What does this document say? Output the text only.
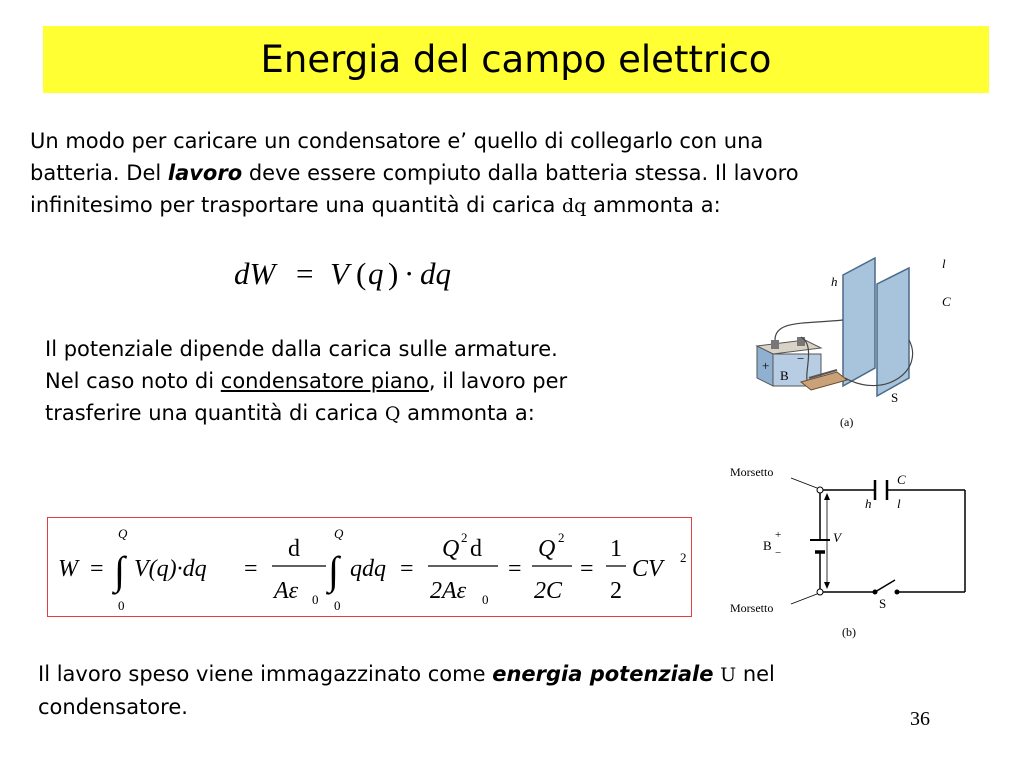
Energia del campo elettrico
Un modo per caricare un condensatore e’ quello di collegarlo con una
batteria. Del lavoro deve essere compiuto dalla batteria stessa. Il lavoro
infinitesimo per trasportare una quantità di carica dq ammonta a:
dW = V ( q ) · dq
Il potenziale dipende dalla carica sulle armature.
Nel caso noto di condensatore piano, il lavoro per
trasferire una quantità di carica Q ammonta a:
h
l
C
+ −
B
S
(a)
Morsetto
Morsetto
C
h l
B
+
−
V
S
(b)
W = ∫
Q
0
V(q)·dq =
d
Aε 0
∫
Q
0
qdq =
Q 2 d
2Aε 0
=
Q 2
2C
=
1
2
CV 2
Il lavoro speso viene immagazzinato come energia potenziale U nel
condensatore.	36
